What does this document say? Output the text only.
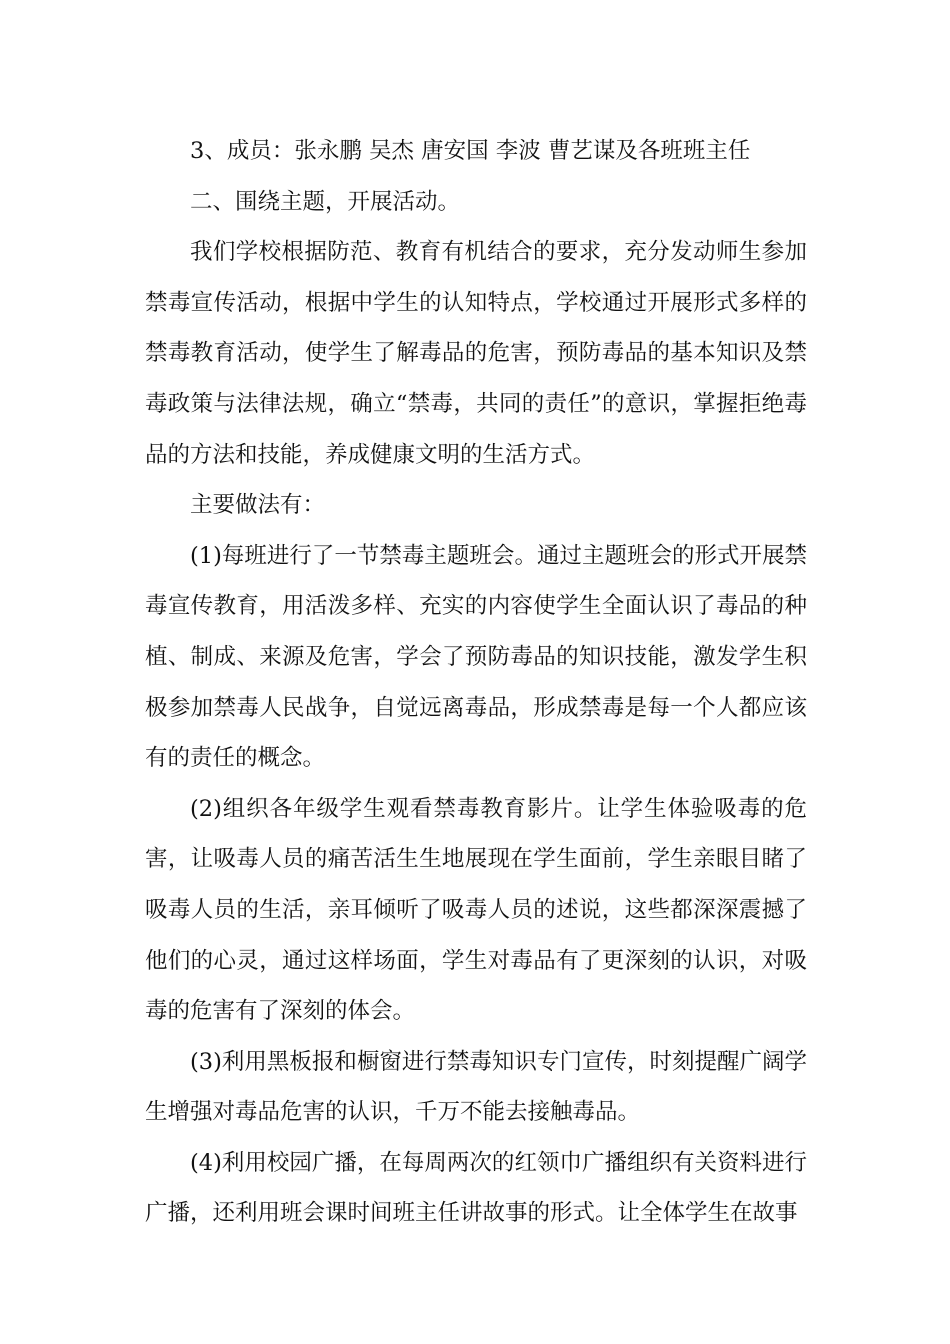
3、成员：张永鹏 吴杰 唐安国 李波 曹艺谋及各班班主任

二、围绕主题，开展活动。

我们学校根据防范、教育有机结合的要求，充分发动师生参加禁毒宣传活动，根据中学生的认知特点，学校通过开展形式多样的禁毒教育活动，使学生了解毒品的危害，预防毒品的基本知识及禁毒政策与法律法规，确立“禁毒，共同的责任”的意识，掌握拒绝毒品的方法和技能，养成健康文明的生活方式。

主要做法有：

(1)每班进行了一节禁毒主题班会。通过主题班会的形式开展禁毒宣传教育，用活泼多样、充实的内容使学生全面认识了毒品的种植、制成、来源及危害，学会了预防毒品的知识技能，激发学生积极参加禁毒人民战争，自觉远离毒品，形成禁毒是每一个人都应该有的责任的概念。

(2)组织各年级学生观看禁毒教育影片。让学生体验吸毒的危害，让吸毒人员的痛苦活生生地展现在学生面前，学生亲眼目睹了吸毒人员的生活，亲耳倾听了吸毒人员的述说，这些都深深震撼了他们的心灵，通过这样场面，学生对毒品有了更深刻的认识，对吸毒的危害有了深刻的体会。

(3)利用黑板报和橱窗进行禁毒知识专门宣传，时刻提醒广阔学生增强对毒品危害的认识，千万不能去接触毒品。

(4)利用校园广播，在每周两次的红领巾广播组织有关资料进行广播，还利用班会课时间班主任讲故事的形式。让全体学生在故事
